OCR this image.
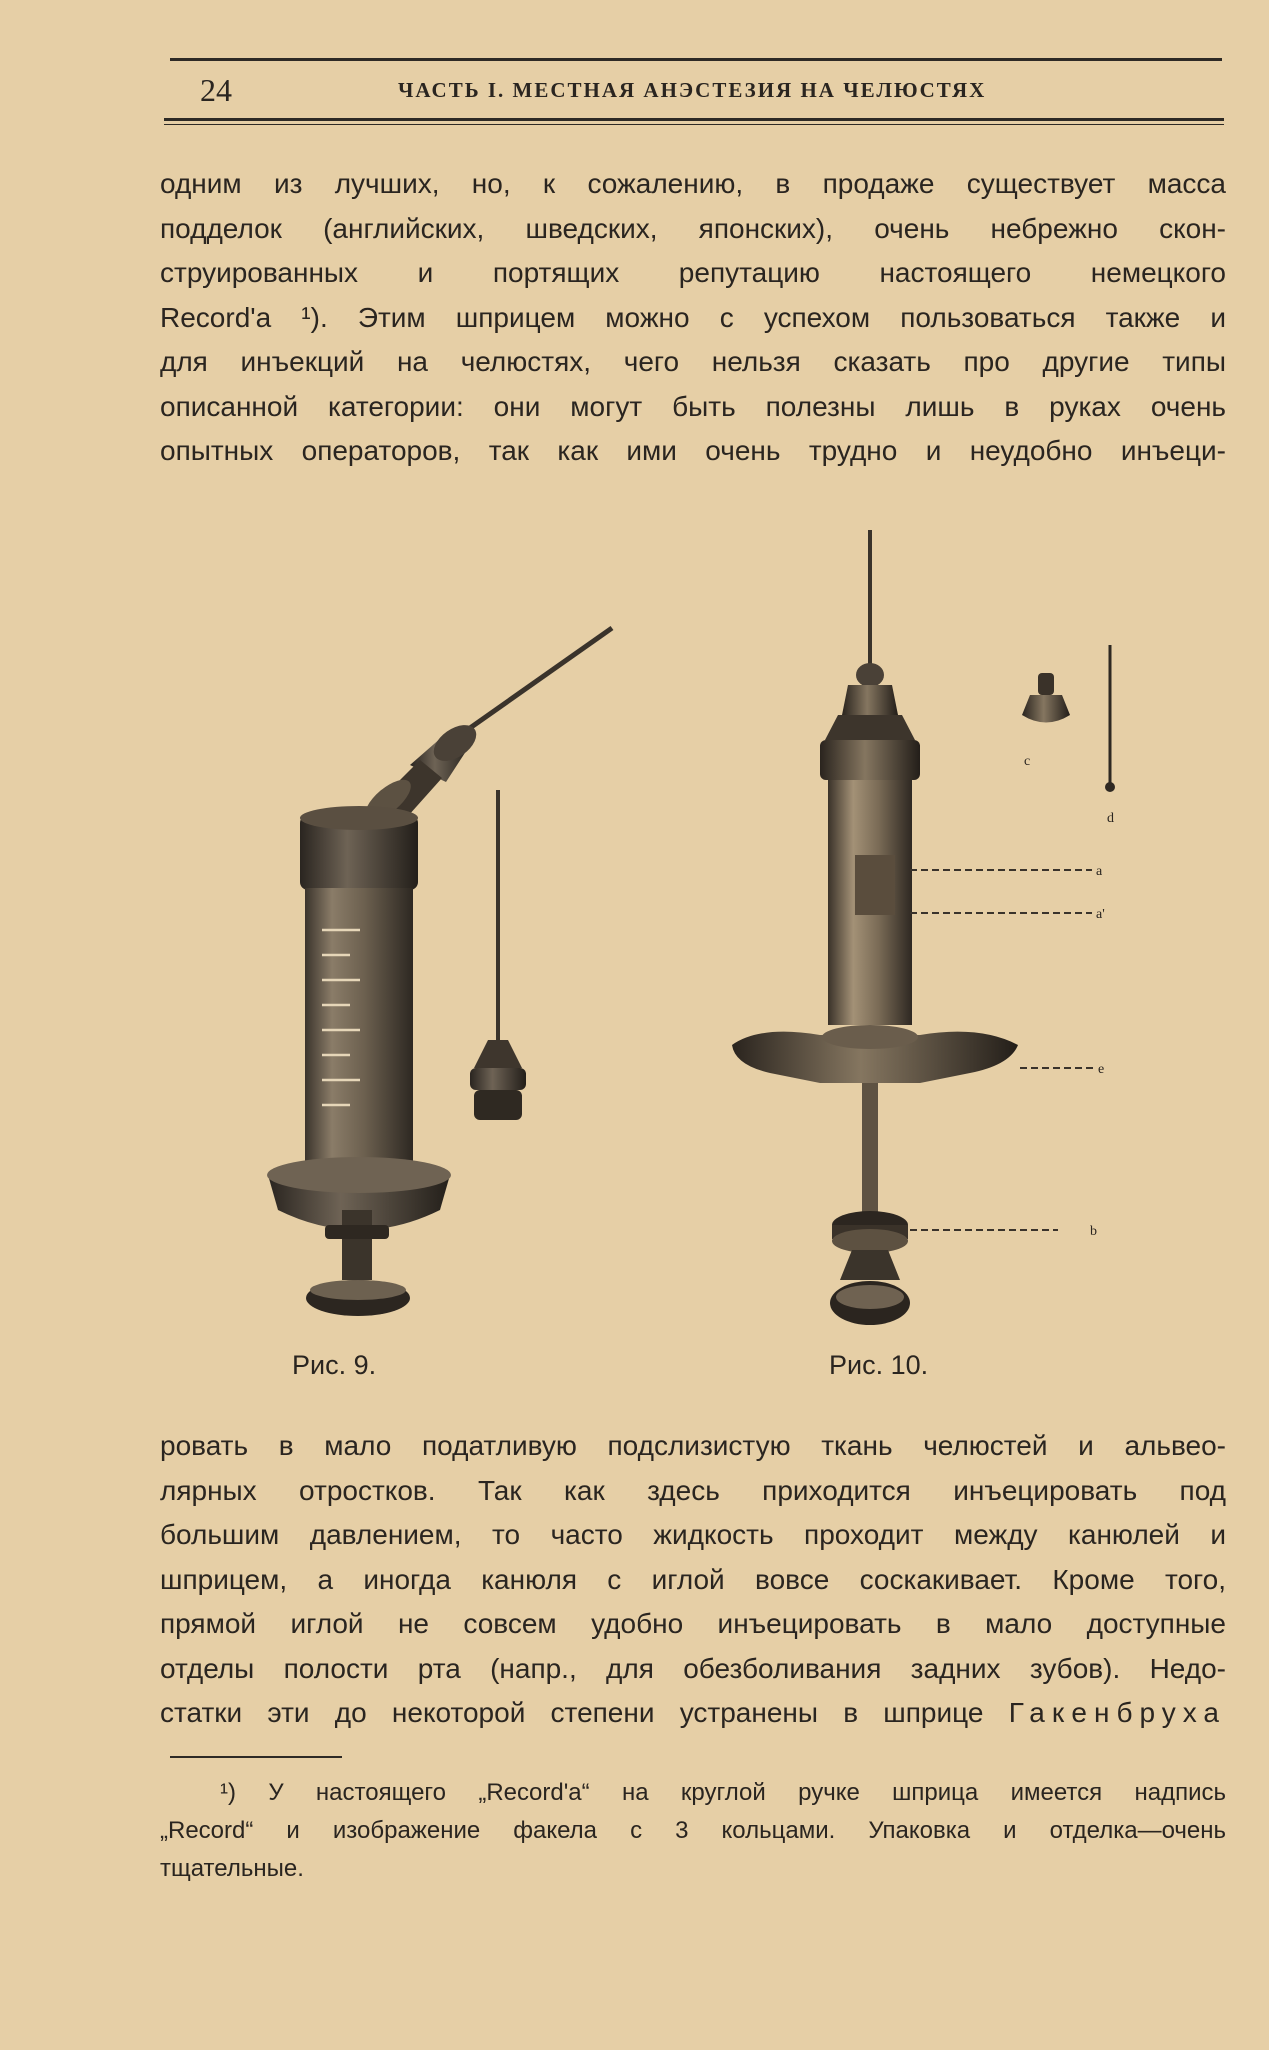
24	ЧАСТЬ I. МЕСТНАЯ АНЭСТЕЗИЯ НА ЧЕЛЮСТЯХ
одним из лучших, но, к сожалению, в продаже существует масса
подделок (английских, шведских, японских), очень небрежно скон-
струированных и портящих репутацию настоящего немецкого
Record'a ¹). Этим шприцем можно с успехом пользоваться также и
для инъекций на челюстях, чего нельзя сказать про другие типы
описанной категории: они могут быть полезны лишь в руках очень
опытных операторов, так как ими очень трудно и неудобно инъеци-
c
d
a
a'
e
b
Рис. 9.	Рис. 10.
ровать в мало податливую подслизистую ткань челюстей и альвео-
лярных отростков. Так как здесь приходится инъецировать под
большим давлением, то часто жидкость проходит между канюлей и
шприцем, а иногда канюля с иглой вовсе соскакивает. Кроме того,
прямой иглой не совсем удобно инъецировать в мало доступные
отделы полости рта (напр., для обезболивания задних зубов). Недо-
статки эти до некоторой степени устранены в шприце Гакенбруха
¹) У настоящего „Record'a“ на круглой ручке шприца имеется надпись
„Record“ и изображение факела с 3 кольцами. Упаковка и отделка—очень
тщательные.
